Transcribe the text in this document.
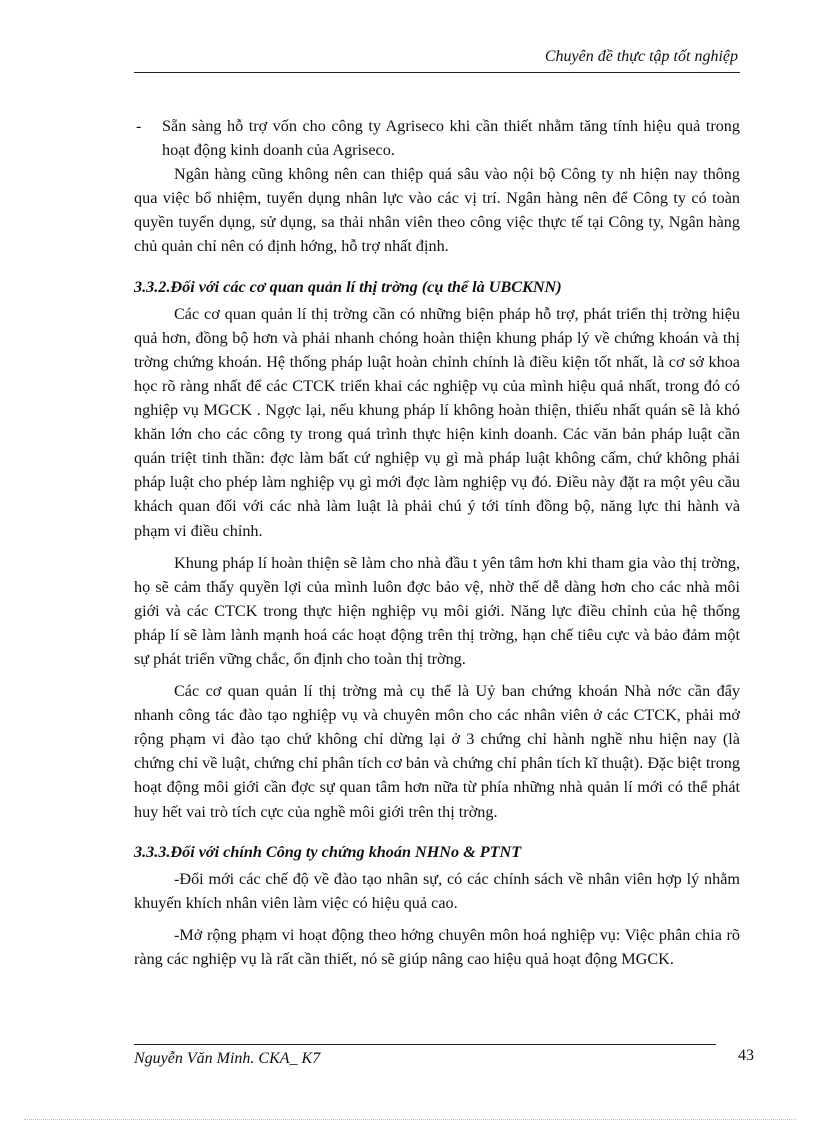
Chuyên đề thực tập tốt nghiệp

- Sẵn sàng hỗ trợ vốn cho công ty Agriseco khi cần thiết nhằm tăng tính hiệu quả trong hoạt động kinh doanh của Agriseco.

Ngân hàng cũng không nên can thiệp quá sâu vào nội bộ Công ty nh hiện nay thông qua việc bổ nhiệm, tuyển dụng nhân lực vào các vị trí. Ngân hàng nên để Công ty có toàn quyền tuyển dụng, sử dụng, sa thải nhân viên theo công việc thực tế tại Công ty, Ngân hàng chủ quản chỉ nên có định hớng, hỗ trợ nhất định.

3.3.2.Đối với các cơ quan quản lí thị trờng (cụ thể là UBCKNN)

Các cơ quan quản lí thị trờng cần có những biện pháp hỗ trợ, phát triển thị trờng hiệu quả hơn, đồng bộ hơn và phải nhanh chóng hoàn thiện khung pháp lý về chứng khoán và thị trờng chứng khoán. Hệ thống pháp luật hoàn chỉnh chính là điều kiện tốt nhất, là cơ sở khoa học rõ ràng nhất để các CTCK triển khai các nghiệp vụ của mình hiệu quả nhất, trong đó có nghiệp vụ MGCK . Ngợc lại, nếu khung pháp lí không hoàn thiện, thiếu nhất quán sẽ là khó khăn lớn cho các công ty trong quá trình thực hiện kinh doanh. Các văn bản pháp luật cần quán triệt tinh thần: đợc làm bất cứ nghiệp vụ gì mà pháp luật không cấm, chứ không phải pháp luật cho phép làm nghiệp vụ gì mới đợc làm nghiệp vụ đó. Điều này đặt ra một yêu cầu khách quan đối với các nhà làm luật là phải chú ý tới tính đồng bộ, năng lực thi hành và phạm vi điều chỉnh.

Khung pháp lí hoàn thiện sẽ làm cho nhà đầu t yên tâm hơn khi tham gia vào thị trờng, họ sẽ cảm thấy quyền lợi của mình luôn đợc bảo vệ, nhờ thế dễ dàng hơn cho các nhà môi giới và các CTCK trong thực hiện nghiệp vụ môi giới. Năng lực điều chỉnh của hệ thống pháp lí sẽ làm lành mạnh hoá các hoạt động trên thị trờng, hạn chế tiêu cực và bảo đảm một sự phát triển vững chắc, ổn định cho toàn thị trờng.

Các cơ quan quản lí thị trờng mà cụ thể là Uỷ ban chứng khoán Nhà nớc cần đẩy nhanh công tác đào tạo nghiệp vụ và chuyên môn cho các nhân viên ở các CTCK, phải mở rộng phạm vi đào tạo chứ không chỉ dừng lại ở 3 chứng chỉ hành nghề nhu hiện nay (là chứng chỉ về luật, chứng chỉ phân tích cơ bản và chứng chỉ phân tích kĩ thuật). Đặc biệt trong hoạt động môi giới cần đợc sự quan tâm hơn nữa từ phía những nhà quản lí mới có thể phát huy hết vai trò tích cực của nghề môi giới trên thị trờng.

3.3.3.Đối với chính Công ty chứng khoán NHNo & PTNT

-Đổi mới các chế độ về đào tạo nhân sự, có các chính sách về nhân viên hợp lý nhằm khuyến khích nhân viên làm việc có hiệu quả cao.

-Mở rộng phạm vi hoạt động theo hớng chuyên môn hoá nghiệp vụ: Việc phân chia rõ ràng các nghiệp vụ là rất cần thiết, nó sẽ giúp nâng cao hiệu quả hoạt động MGCK.

Nguyễn Văn Minh. CKA_ K7	43
